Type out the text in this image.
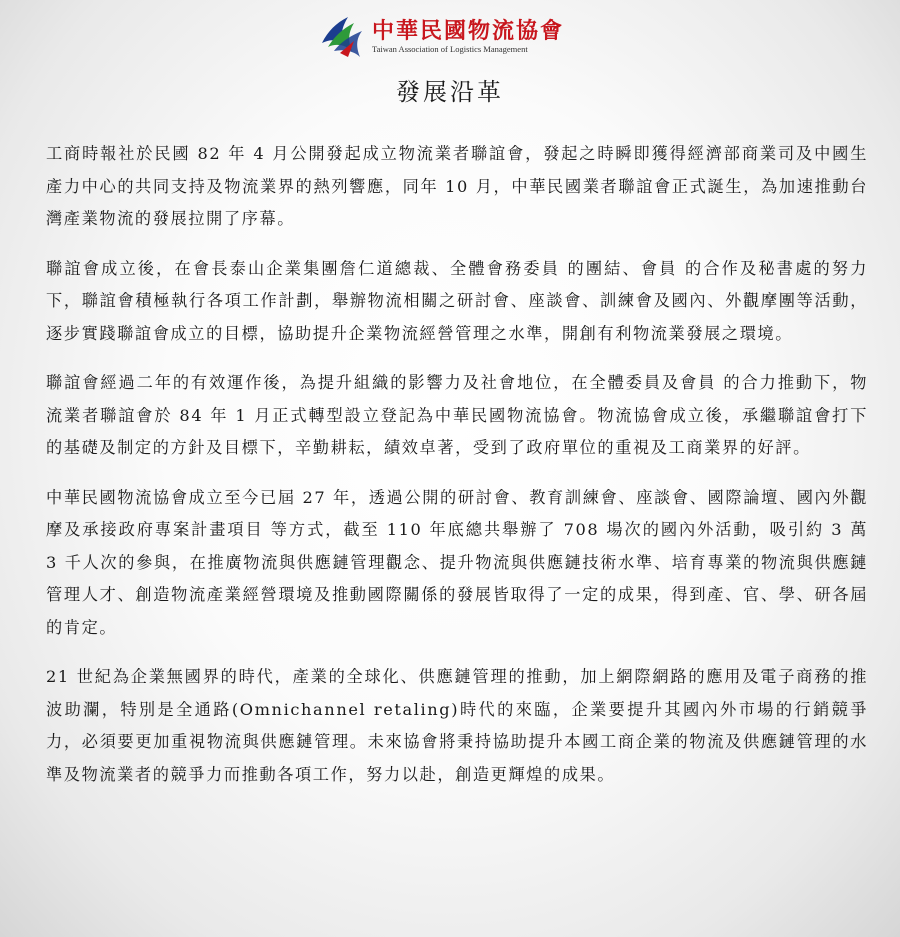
中華民國物流協會
Taiwan Association of Logistics Management
發展沿革

工商時報社於民國 82 年 4 月公開發起成立物流業者聯誼會，發起之時瞬即獲得經濟部商業司及中國生產力中心的共同支持及物流業界的熱列響應，同年 10 月，中華民國業者聯誼會正式誕生，為加速推動台灣產業物流的發展拉開了序幕。

聯誼會成立後，在會長泰山企業集團詹仁道總裁、全體會務委員 的團結、會員 的合作及秘書處的努力下，聯誼會積極執行各項工作計劃，舉辦物流相關之研討會、座談會、訓練會及國內、外觀摩團等活動，逐步實踐聯誼會成立的目標，協助提升企業物流經營管理之水準，開創有利物流業發展之環境。

聯誼會經過二年的有效運作後，為提升組織的影響力及社會地位，在全體委員及會員 的合力推動下，物流業者聯誼會於 84 年 1 月正式轉型設立登記為中華民國物流協會。物流協會成立後，承繼聯誼會打下的基礎及制定的方針及目標下，辛勤耕耘，績效卓著，受到了政府單位的重視及工商業界的好評。

中華民國物流協會成立至今已屆 27 年，透過公開的研討會、教育訓練會、座談會、國際論壇、國內外觀摩及承接政府專案計畫項目 等方式，截至 110 年底總共舉辦了 708 場次的國內外活動，吸引約 3 萬 3 千人次的參與，在推廣物流與供應鏈管理觀念、提升物流與供應鏈技術水準、培育專業的物流與供應鏈管理人才、創造物流產業經營環境及推動國際關係的發展皆取得了一定的成果，得到產、官、學、研各屆的肯定。

21 世紀為企業無國界的時代，產業的全球化、供應鏈管理的推動，加上網際網路的應用及電子商務的推波助瀾，特別是全通路(Omnichannel retaling)時代的來臨，企業要提升其國內外市場的行銷競爭力，必須要更加重視物流與供應鏈管理。未來協會將秉持協助提升本國工商企業的物流及供應鏈管理的水準及物流業者的競爭力而推動各項工作，努力以赴，創造更輝煌的成果。
